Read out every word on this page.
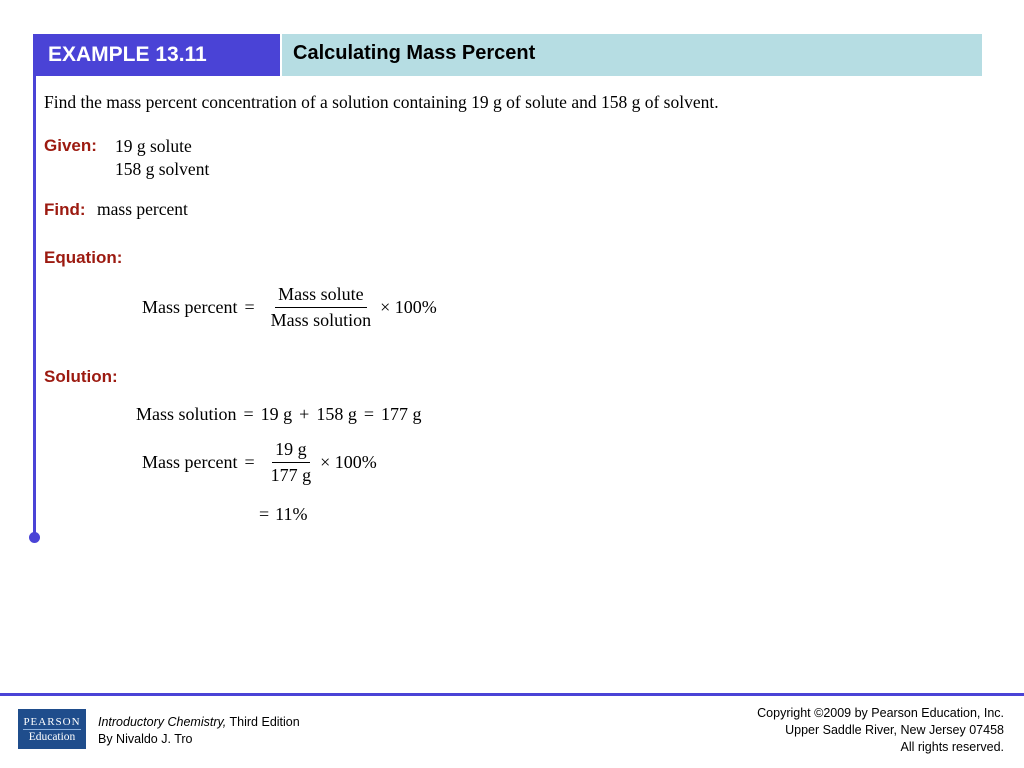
EXAMPLE 13.11	Calculating Mass Percent
Find the mass percent concentration of a solution containing 19 g of solute and 158 g of solvent.
Given: 19 g solute
158 g solvent
Find: mass percent
Equation:
Mass percent = $\frac{\text{Mass solute}}{\text{Mass solution}} \times 100\%$
Solution:
Mass solution = 19 g + 158 g = 177 g
Mass percent = $\frac{19 g}{177 g} \times 100\%$
= 11%
PEARSON
Education
Introductory Chemistry, Third Edition
By Nivaldo J. Tro
Copyright ©2009 by Pearson Education, Inc.
Upper Saddle River, New Jersey 07458
All rights reserved.
